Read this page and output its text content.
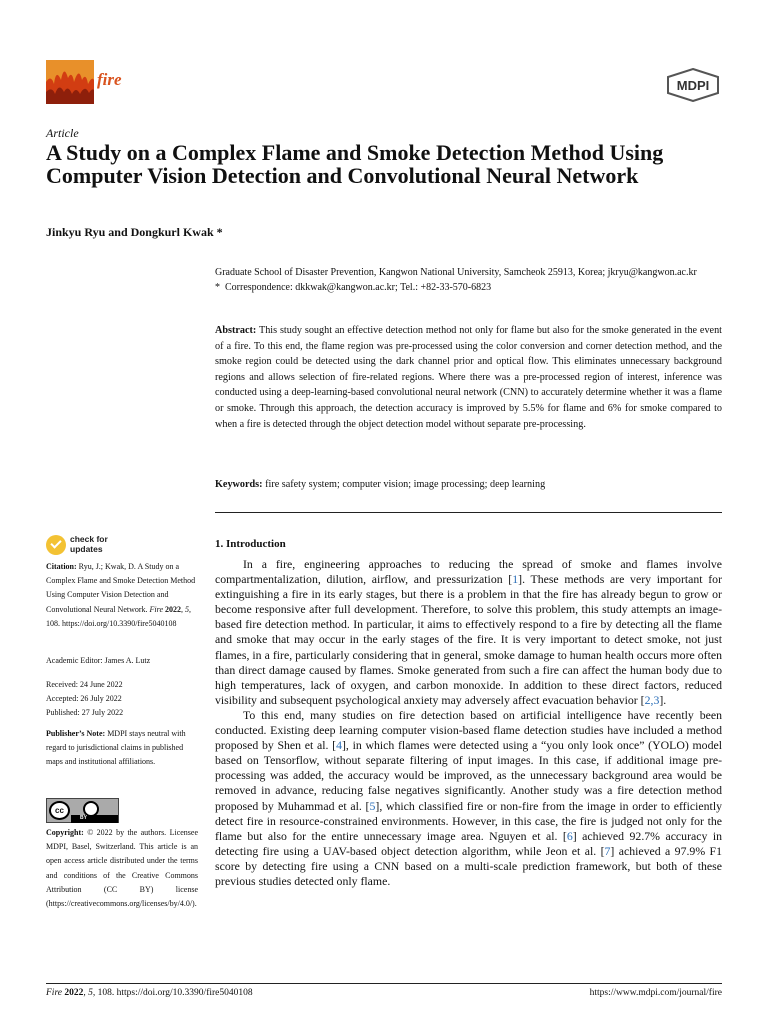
fire	MDPI
Article
A Study on a Complex Flame and Smoke Detection Method Using Computer Vision Detection and Convolutional Neural Network
Jinkyu Ryu and Dongkurl Kwak *
Graduate School of Disaster Prevention, Kangwon National University, Samcheok 25913, Korea; jkryu@kangwon.ac.kr
* Correspondence: dkkwak@kangwon.ac.kr; Tel.: +82-33-570-6823
Abstract: This study sought an effective detection method not only for flame but also for the smoke generated in the event of a fire. To this end, the flame region was pre-processed using the color conversion and corner detection method, and the smoke region could be detected using the dark channel prior and optical flow. This eliminates unnecessary background regions and allows selection of fire-related regions. Where there was a pre-processed region of interest, inference was conducted using a deep-learning-based convolutional neural network (CNN) to accurately determine whether it was a flame or smoke. Through this approach, the detection accuracy is improved by 5.5% for flame and 6% for smoke compared to when a fire is detected through the object detection model without separate pre-processing.
Keywords: fire safety system; computer vision; image processing; deep learning
check for
updates
Citation: Ryu, J.; Kwak, D. A Study on a Complex Flame and Smoke Detection Method Using Computer Vision Detection and Convolutional Neural Network. Fire 2022, 5, 108. https://doi.org/10.3390/fire5040108
Academic Editor: James A. Lutz
Received: 24 June 2022
Accepted: 26 July 2022
Published: 27 July 2022
Publisher’s Note: MDPI stays neutral with regard to jurisdictional claims in published maps and institutional affiliations.
cc
BY
Copyright: © 2022 by the authors. Licensee MDPI, Basel, Switzerland. This article is an open access article distributed under the terms and conditions of the Creative Commons Attribution (CC BY) license (https://creativecommons.org/licenses/by/4.0/).
1. Introduction

In a fire, engineering approaches to reducing the spread of smoke and flames involve compartmentalization, dilution, airflow, and pressurization [1]. These methods are very important for extinguishing a fire in its early stages, but there is a problem in that the fire has already begun to grow or become responsive after full development. Therefore, to solve this problem, this study attempts an image-based fire detection method. In particular, it aims to effectively respond to a fire by detecting all the flame and smoke that may occur in the early stages of the fire. It is very important to detect smoke, not just flames, in a fire, particularly considering that in general, smoke damage to human health occurs more often than direct damage caused by flames. Smoke generated from such a fire can affect the human body due to high temperatures, lack of oxygen, and carbon monoxide. In addition to these direct factors, reduced visibility and subsequent psychological anxiety may adversely affect evacuation behavior [2,3].

To this end, many studies on fire detection based on artificial intelligence have recently been conducted. Existing deep learning computer vision-based flame detection studies have included a method proposed by Shen et al. [4], in which flames were detected using a “you only look once” (YOLO) model based on Tensorflow, without separate filtering of input images. In this case, if additional image pre-processing was added, the accuracy would be improved, as the unnecessary background area would be removed in advance, reducing false negatives significantly. Another study was a fire detection method proposed by Muhammad et al. [5], which classified fire or non-fire from the image in order to efficiently detect fire in resource-constrained environments. However, in this case, the fire is judged not only for the flame but also for the entire unnecessary image area. Nguyen et al. [6] achieved 92.7% accuracy in detecting fire using a UAV-based object detection algorithm, while Jeon et al. [7] achieved a 97.9% F1 score by detecting fire using a CNN based on a multi-scale prediction framework, but both of these previous studies detected only flame.

Fire 2022, 5, 108. https://doi.org/10.3390/fire5040108	https://www.mdpi.com/journal/fire
